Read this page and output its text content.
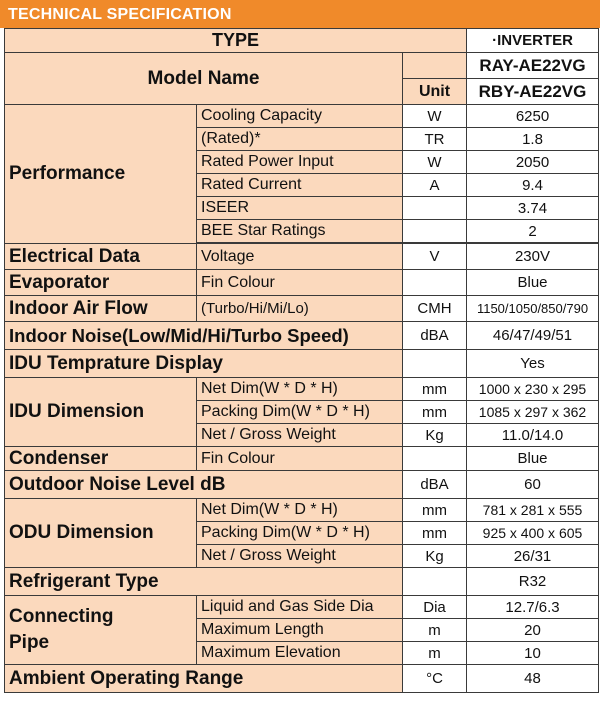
TECHNICAL SPECIFICATION
TYPE			·INVERTER
Model Name			RAY-AE22VG
		Unit	RBY-AE22VG
Performance	Cooling Capacity	W	6250
	(Rated)*	TR	1.8
	Rated Power Input	W	2050
	Rated Current	A	9.4
	ISEER		3.74
	BEE Star Ratings		2

Electrical Data	Voltage	V	230V
Evaporator	Fin Colour		Blue
Indoor Air Flow	(Turbo/Hi/Mi/Lo)	CMH	1150/1050/850/790
Indoor Noise(Low/Mid/Hi/Turbo Speed)		dBA	46/47/49/51
IDU Temprature Display			Yes
IDU Dimension	Net Dim(W * D * H)	mm	1000 x 230 x 295
	Packing Dim(W * D * H)	mm	1085 x 297 x 362
	Net / Gross Weight	Kg	11.0/14.0
Condenser	Fin Colour		Blue
Outdoor Noise Level dB		dBA	60
ODU Dimension	Net Dim(W * D * H)	mm	781 x 281 x 555
	Packing Dim(W * D * H)	mm	925 x 400 x 605
	Net / Gross Weight	Kg	26/31
Refrigerant Type			R32

Connecting
Pipe	Liquid and Gas Side Dia	Dia	12.7/6.3
	Maximum Length	m	20
	Maximum Elevation	m	10
Ambient Operating Range		°C	48
